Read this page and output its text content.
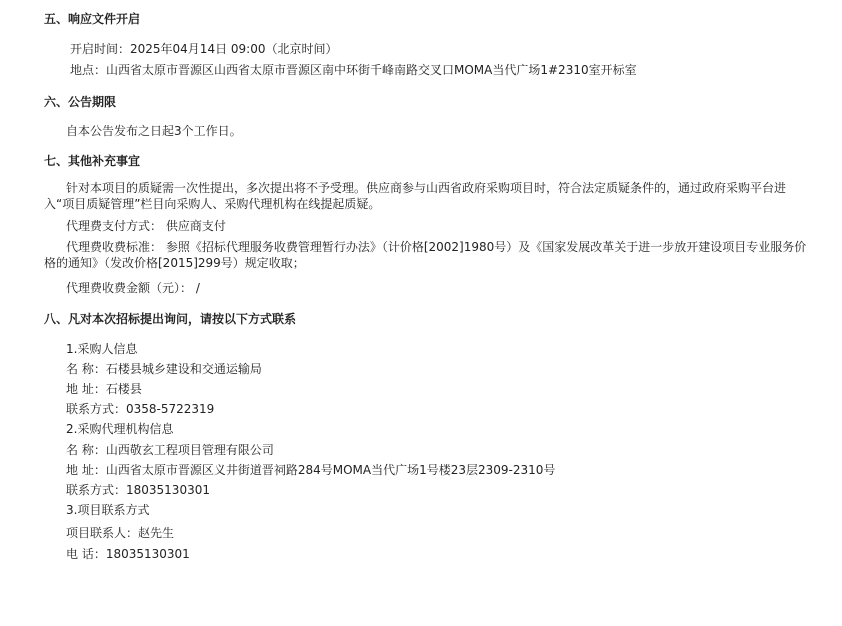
五、响应文件开启
开启时间：2025年04月14日 09:00（北京时间）
地点：山西省太原市晋源区山西省太原市晋源区南中环街千峰南路交叉口MOMA当代广场1#2310室开标室
六、公告期限
自本公告发布之日起3个工作日。
七、其他补充事宜
针对本项目的质疑需一次性提出，多次提出将不予受理。供应商参与山西省政府采购项目时，符合法定质疑条件的，通过政府采购平台进入“项目质疑管理”栏目向采购人、采购代理机构在线提起质疑。
代理费支付方式： 供应商支付
代理费收费标准： 参照《招标代理服务收费管理暂行办法》（计价格[2002]1980号）及《国家发展改革关于进一步放开建设项目专业服务价格的通知》（发改价格[2015]299号）规定收取；
代理费收费金额（元）： /
八、凡对本次招标提出询问，请按以下方式联系
1.采购人信息
名 称：石楼县城乡建设和交通运输局
地 址：石楼县
联系方式：0358-5722319
2.采购代理机构信息
名 称：山西敬玄工程项目管理有限公司
地 址：山西省太原市晋源区义井街道晋祠路284号MOMA当代广场1号楼23层2309-2310号
联系方式：18035130301
3.项目联系方式
项目联系人：赵先生
电 话：18035130301
